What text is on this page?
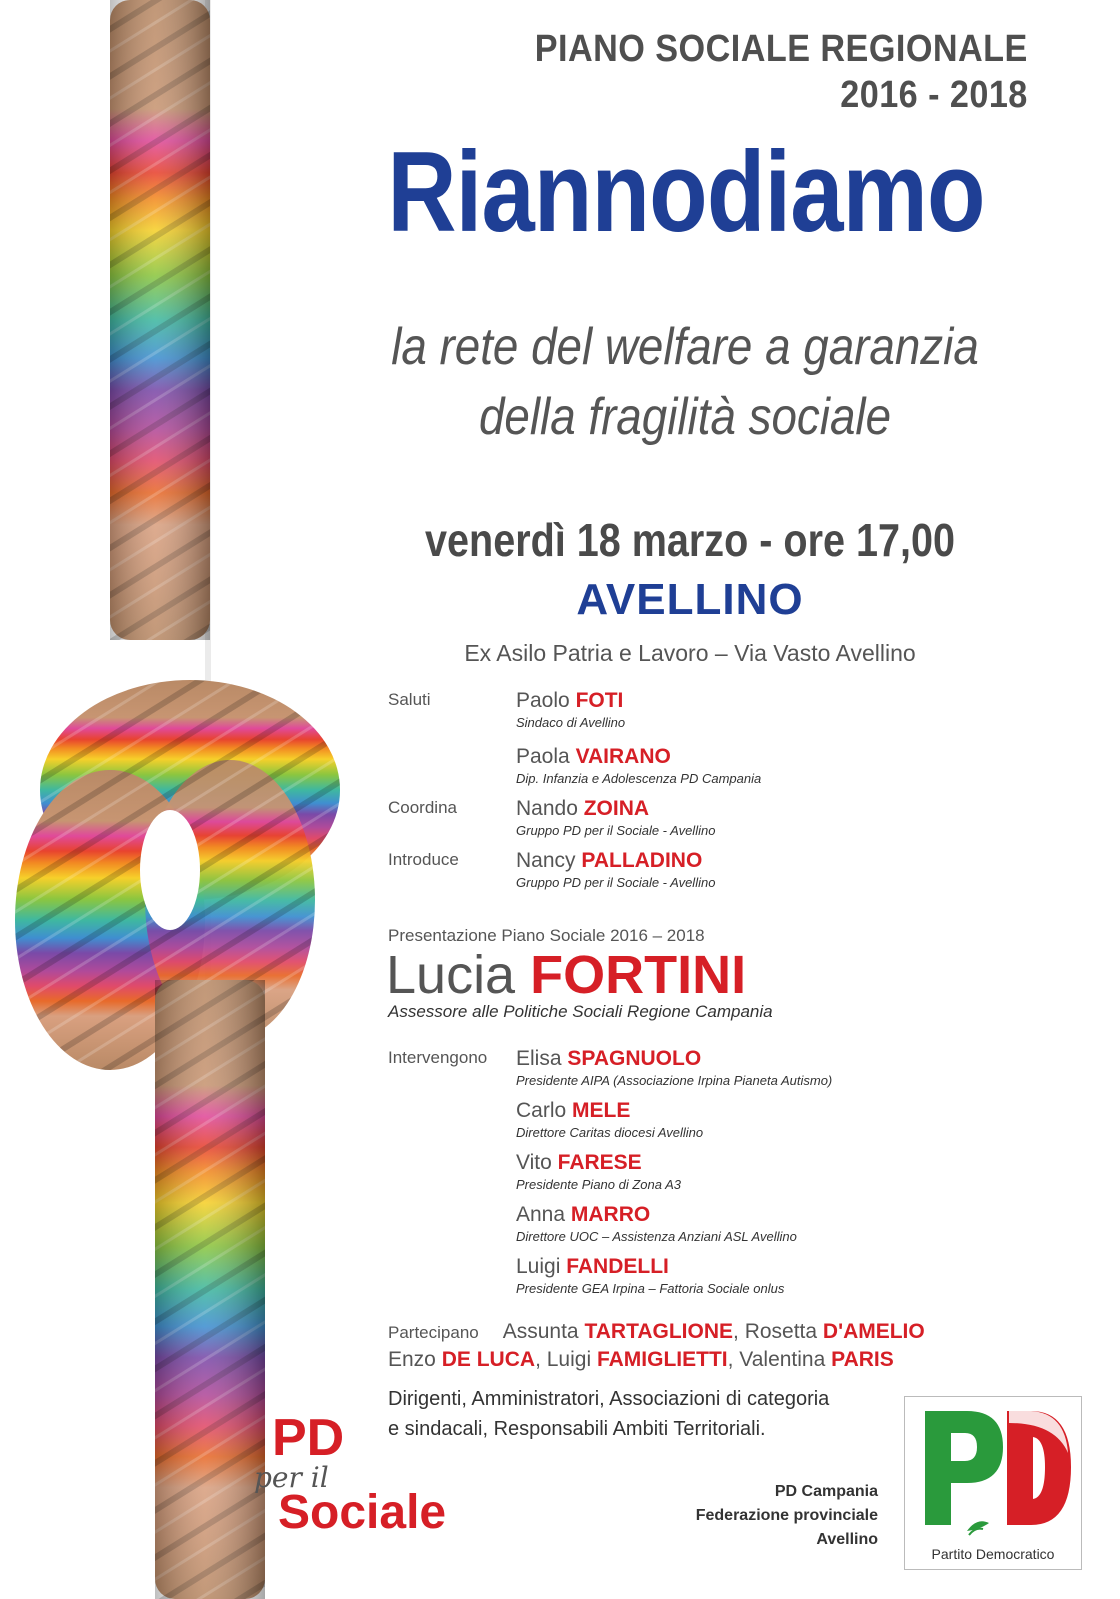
PIANO SOCIALE REGIONALE
2016 - 2018
Riannodiamo
la rete del welfare a garanzia
della fragilità sociale
venerdì 18 marzo - ore 17,00
AVELLINO
Ex Asilo Patria e Lavoro – Via Vasto Avellino
Saluti	Paolo FOTI
Sindaco di Avellino
Paola VAIRANO
Dip. Infanzia e Adolescenza PD Campania
Coordina	Nando ZOINA
Gruppo PD per il Sociale - Avellino
Introduce	Nancy PALLADINO
Gruppo PD per il Sociale - Avellino
Presentazione Piano Sociale 2016 – 2018
Lucia FORTINI
Assessore alle Politiche Sociali Regione Campania
Intervengono Elisa SPAGNUOLO
Presidente AIPA (Associazione Irpina Pianeta Autismo)
Carlo MELE
Direttore Caritas diocesi Avellino
Vito FARESE
Presidente Piano di Zona A3
Anna MARRO
Direttore UOC – Assistenza Anziani ASL Avellino
Luigi FANDELLI
Presidente GEA Irpina – Fattoria Sociale onlus
Partecipano Assunta TARTAGLIONE, Rosetta D'AMELIO
Enzo DE LUCA, Luigi FAMIGLIETTI, Valentina PARIS
Dirigenti, Amministratori, Associazioni di categoria
e sindacali, Responsabili Ambiti Territoriali.
PD
per il
Sociale	PD Campania
Federazione provinciale
Avellino
Partito Democratico
